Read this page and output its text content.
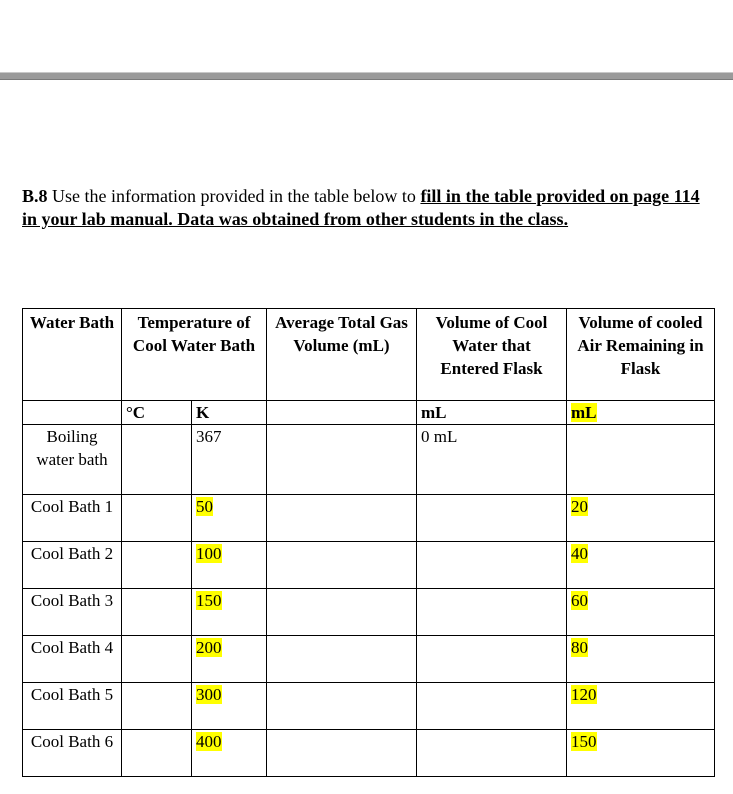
B.8 Use the information provided in the table below to fill in the table provided on page 114 in your lab manual. Data was obtained from other students in the class.
Water Bath	Temperature of Cool Water Bath		Average Total Gas Volume (mL)	Volume of Cool Water that Entered Flask	Volume of cooled Air Remaining in Flask
	°C	K		mL	mL
Boiling water bath		367		0 mL	
Cool Bath 1		50			20
Cool Bath 2		100			40
Cool Bath 3		150			60
Cool Bath 4		200			80
Cool Bath 5		300			120
Cool Bath 6		400			150
